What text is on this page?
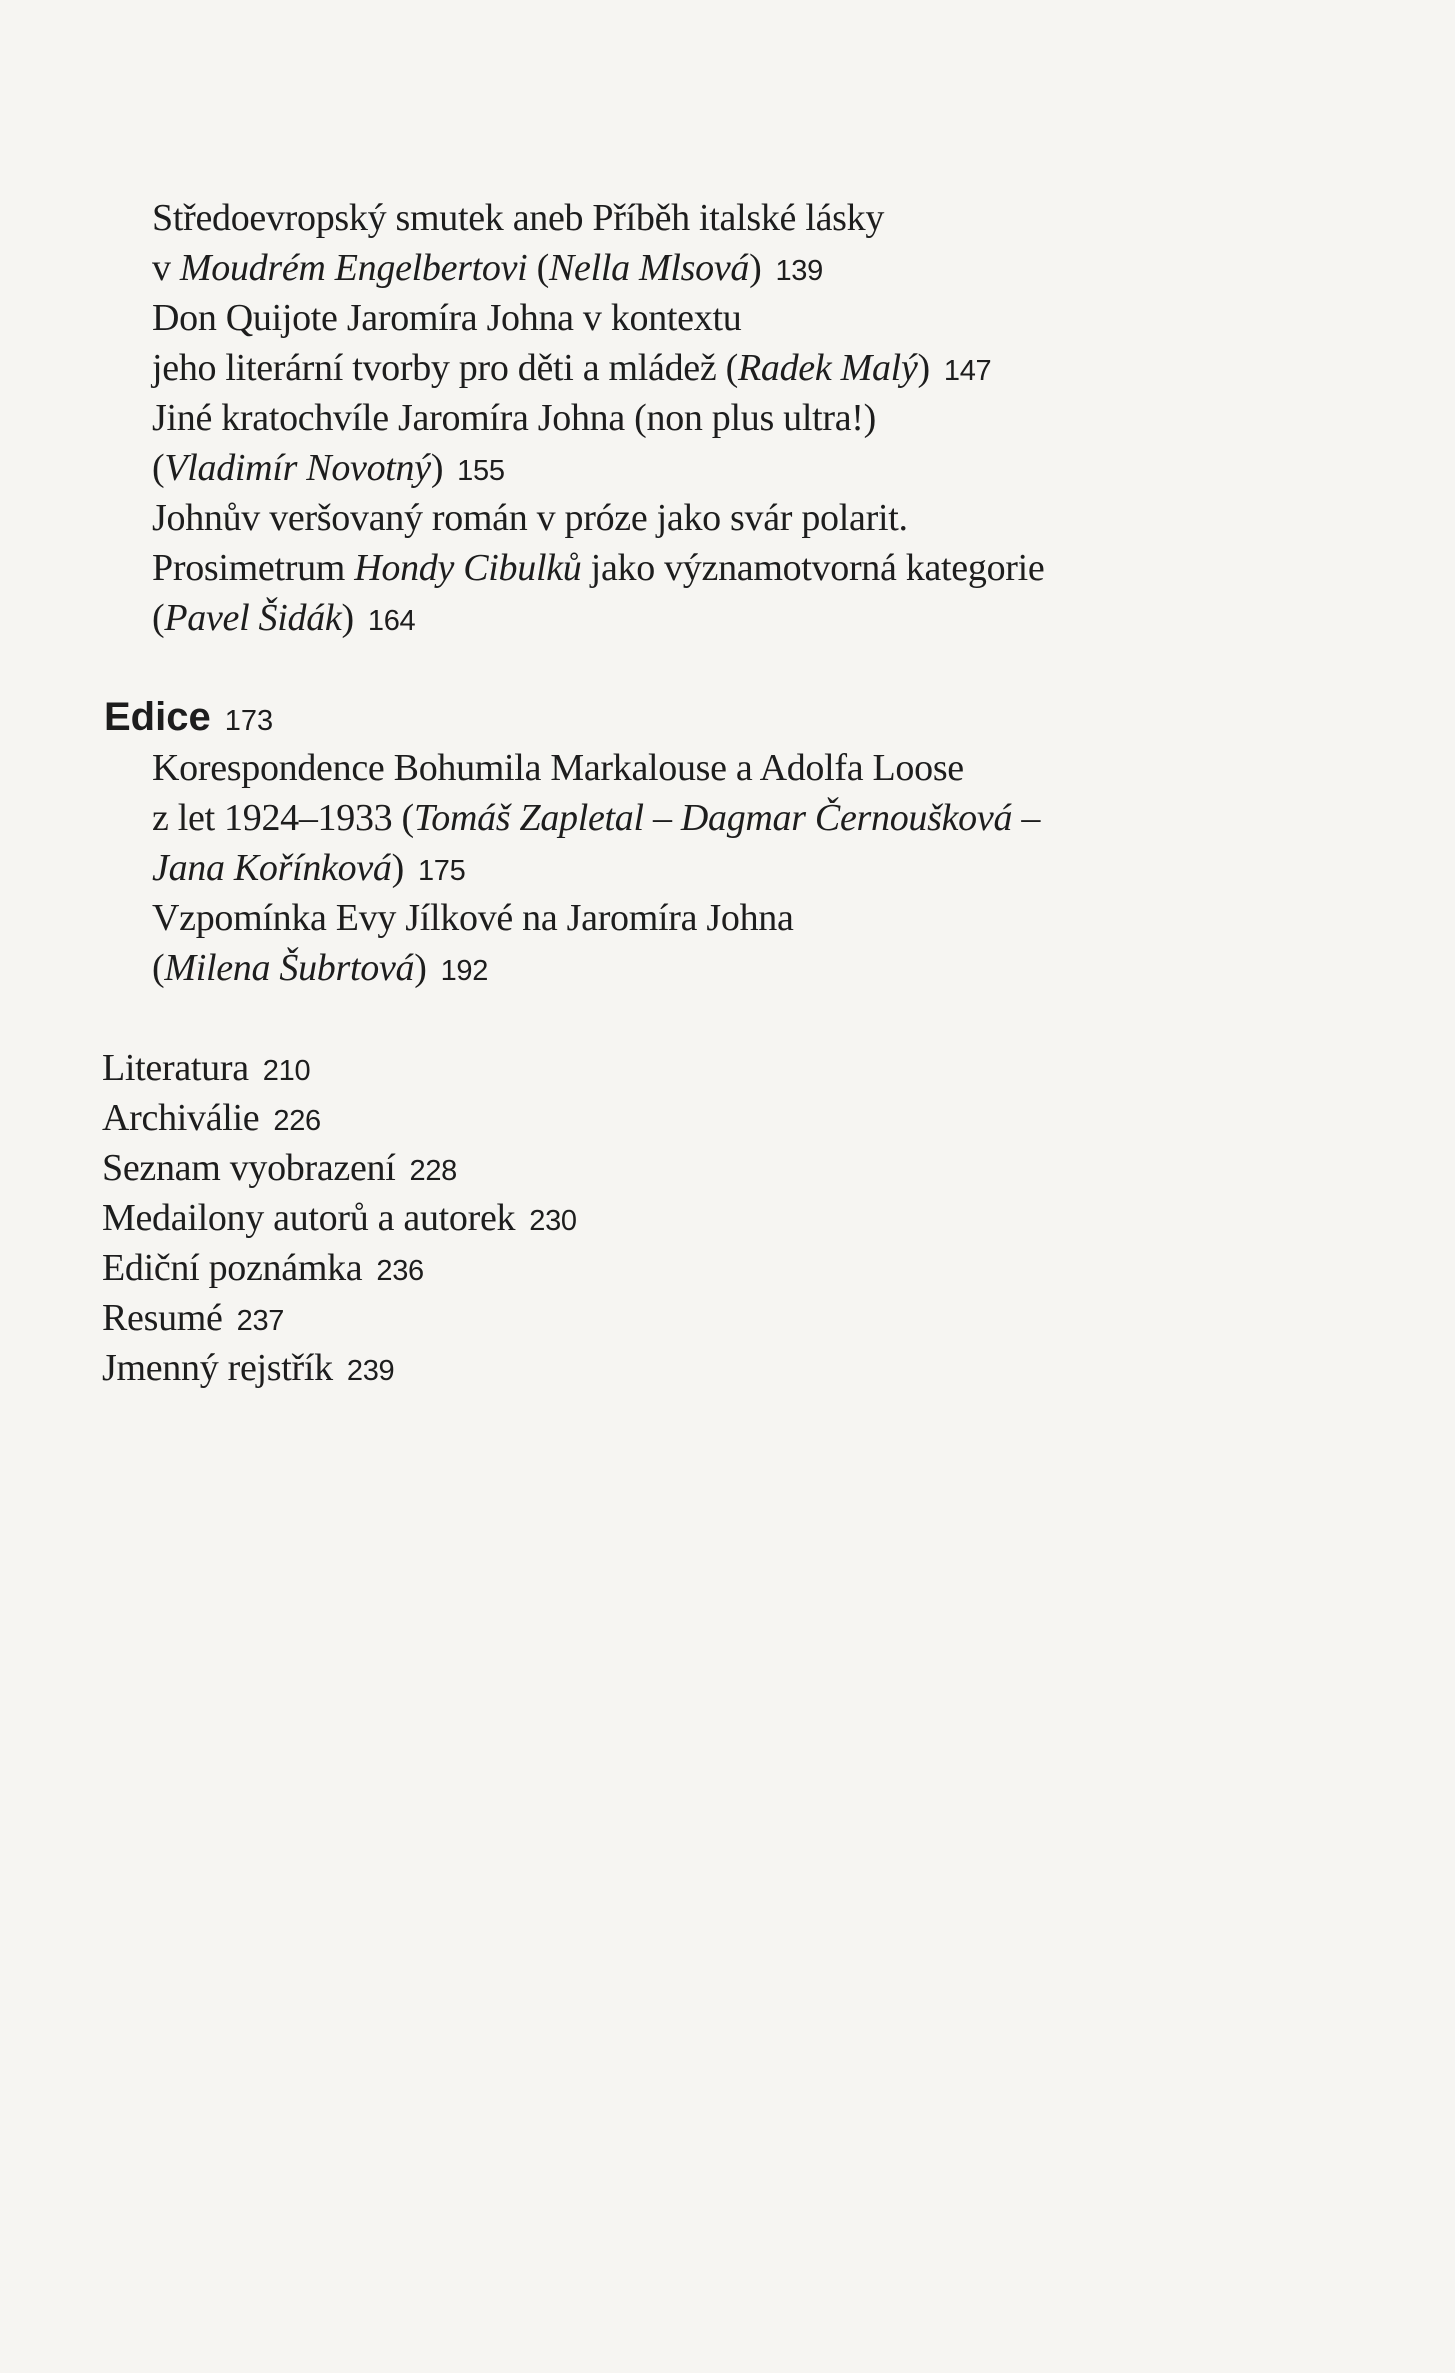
Středoevropský smutek aneb Příběh italské lásky
v Moudrém Engelbertovi (Nella Mlsová) 139
Don Quijote Jaromíra Johna v kontextu
jeho literární tvorby pro děti a mládež (Radek Malý) 147
Jiné kratochvíle Jaromíra Johna (non plus ultra!)
(Vladimír Novotný) 155
Johnův veršovaný román v próze jako svár polarit.
Prosimetrum Hondy Cibulků jako významotvorná kategorie
(Pavel Šidák) 164
Edice 173
Korespondence Bohumila Markalouse a Adolfa Loose
z let 1924–1933 (Tomáš Zapletal – Dagmar Černoušková –
Jana Kořínková) 175
Vzpomínka Evy Jílkové na Jaromíra Johna
(Milena Šubrtová) 192
Literatura 210
Archiválie 226
Seznam vyobrazení 228
Medailony autorů a autorek 230
Ediční poznámka 236
Resumé 237
Jmenný rejstřík 239
